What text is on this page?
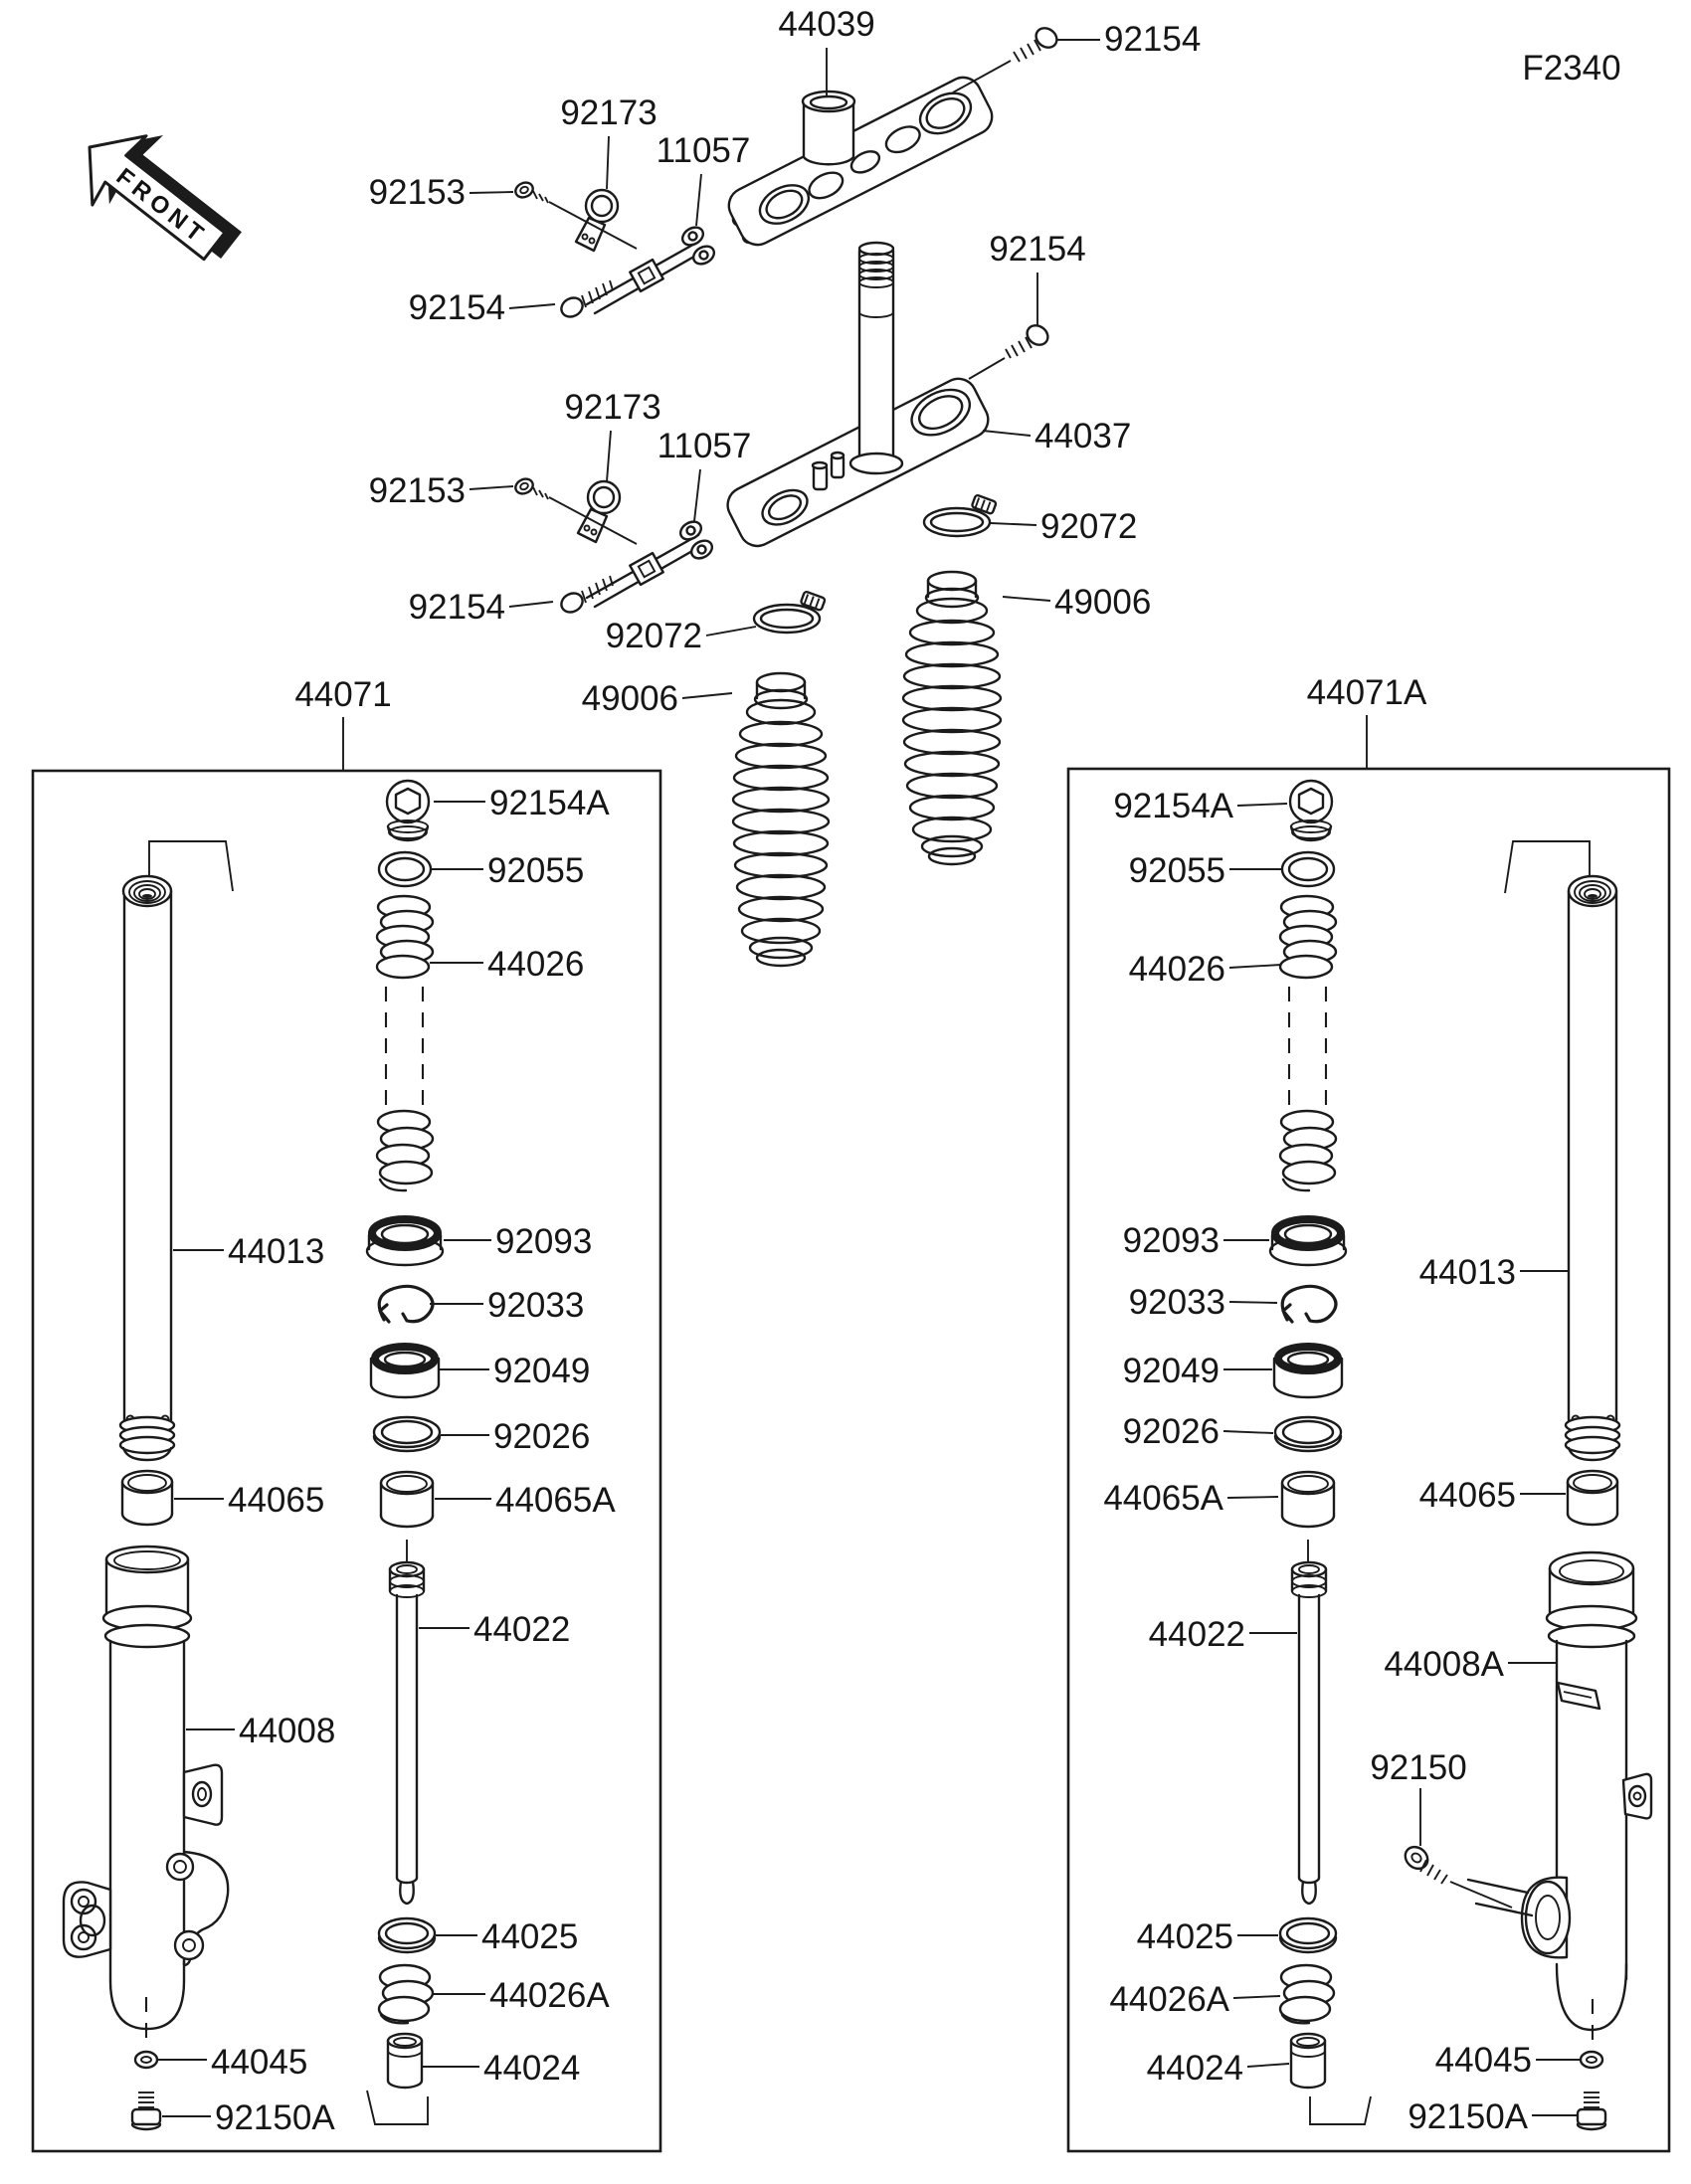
FRONT
F2340
44039	92154
92173
11057
92153
92154
92154
92173
11057	44037
92153
92072
92154
92072
49006
49006
44071	44071A
92154A
92055
44026
92093
92033
92049
92026
44065A
44013
44065
44022
44008
44025
44026A
44024
44045
92150A
92154A
92055
44026
92093
92033
92049
92026
44065A
44013
44065
44022
44008A
92150
44025
44026A
44024	44045
92150A
